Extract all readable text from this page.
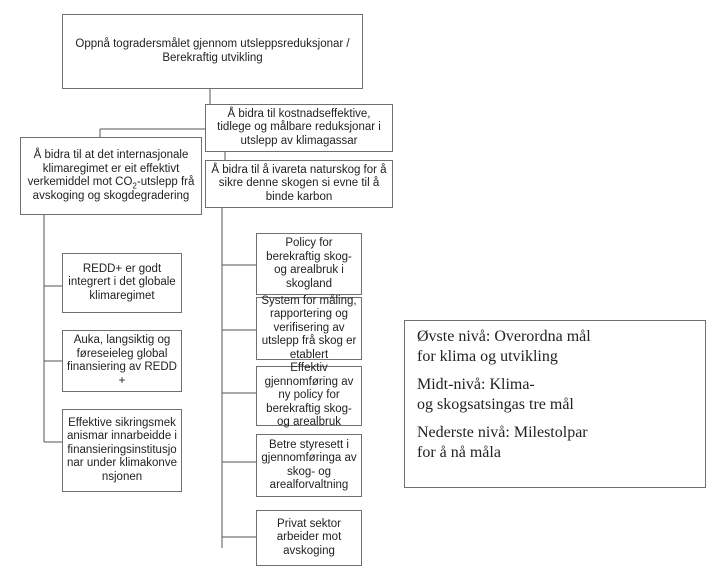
Oppnå togradersmålet gjennom utsleppsreduksjonar / Berekraftig utvikling
Å bidra til kostnadseffektive, tidlege og målbare reduksjonar i utslepp av klimagassar
Å bidra til at det internasjonale klimaregimet er eit effektivt verkemiddel mot $CO_2$-utslepp frå avskoging og skogdegradering
Å bidra til å ivareta naturskog for å sikre denne skogen si evne til å binde karbon
REDD+ er godt integrert i det globale klimaregimet
Auka, langsiktig og føreseieleg global finansiering av REDD +
Effektive sikringsmekanismar innarbeidde i finansieringsinstitusjonar under klimakonvensjonen
Policy for berekraftig skog- og arealbruk i skogland
System for måling, rapportering og verifisering av utslepp frå skog er etablert
Effektiv gjennomføring av ny policy for berekraftig skog- og arealbruk
Betre styresett i gjennomføringa av skog- og arealforvaltning
Privat sektor arbeider mot avskoging

Øvste nivå: Overordna mål
for klima og utvikling

Midt-nivå: Klima-
og skogsatsingas tre mål

Nederste nivå: Milestolpar
for å nå måla
